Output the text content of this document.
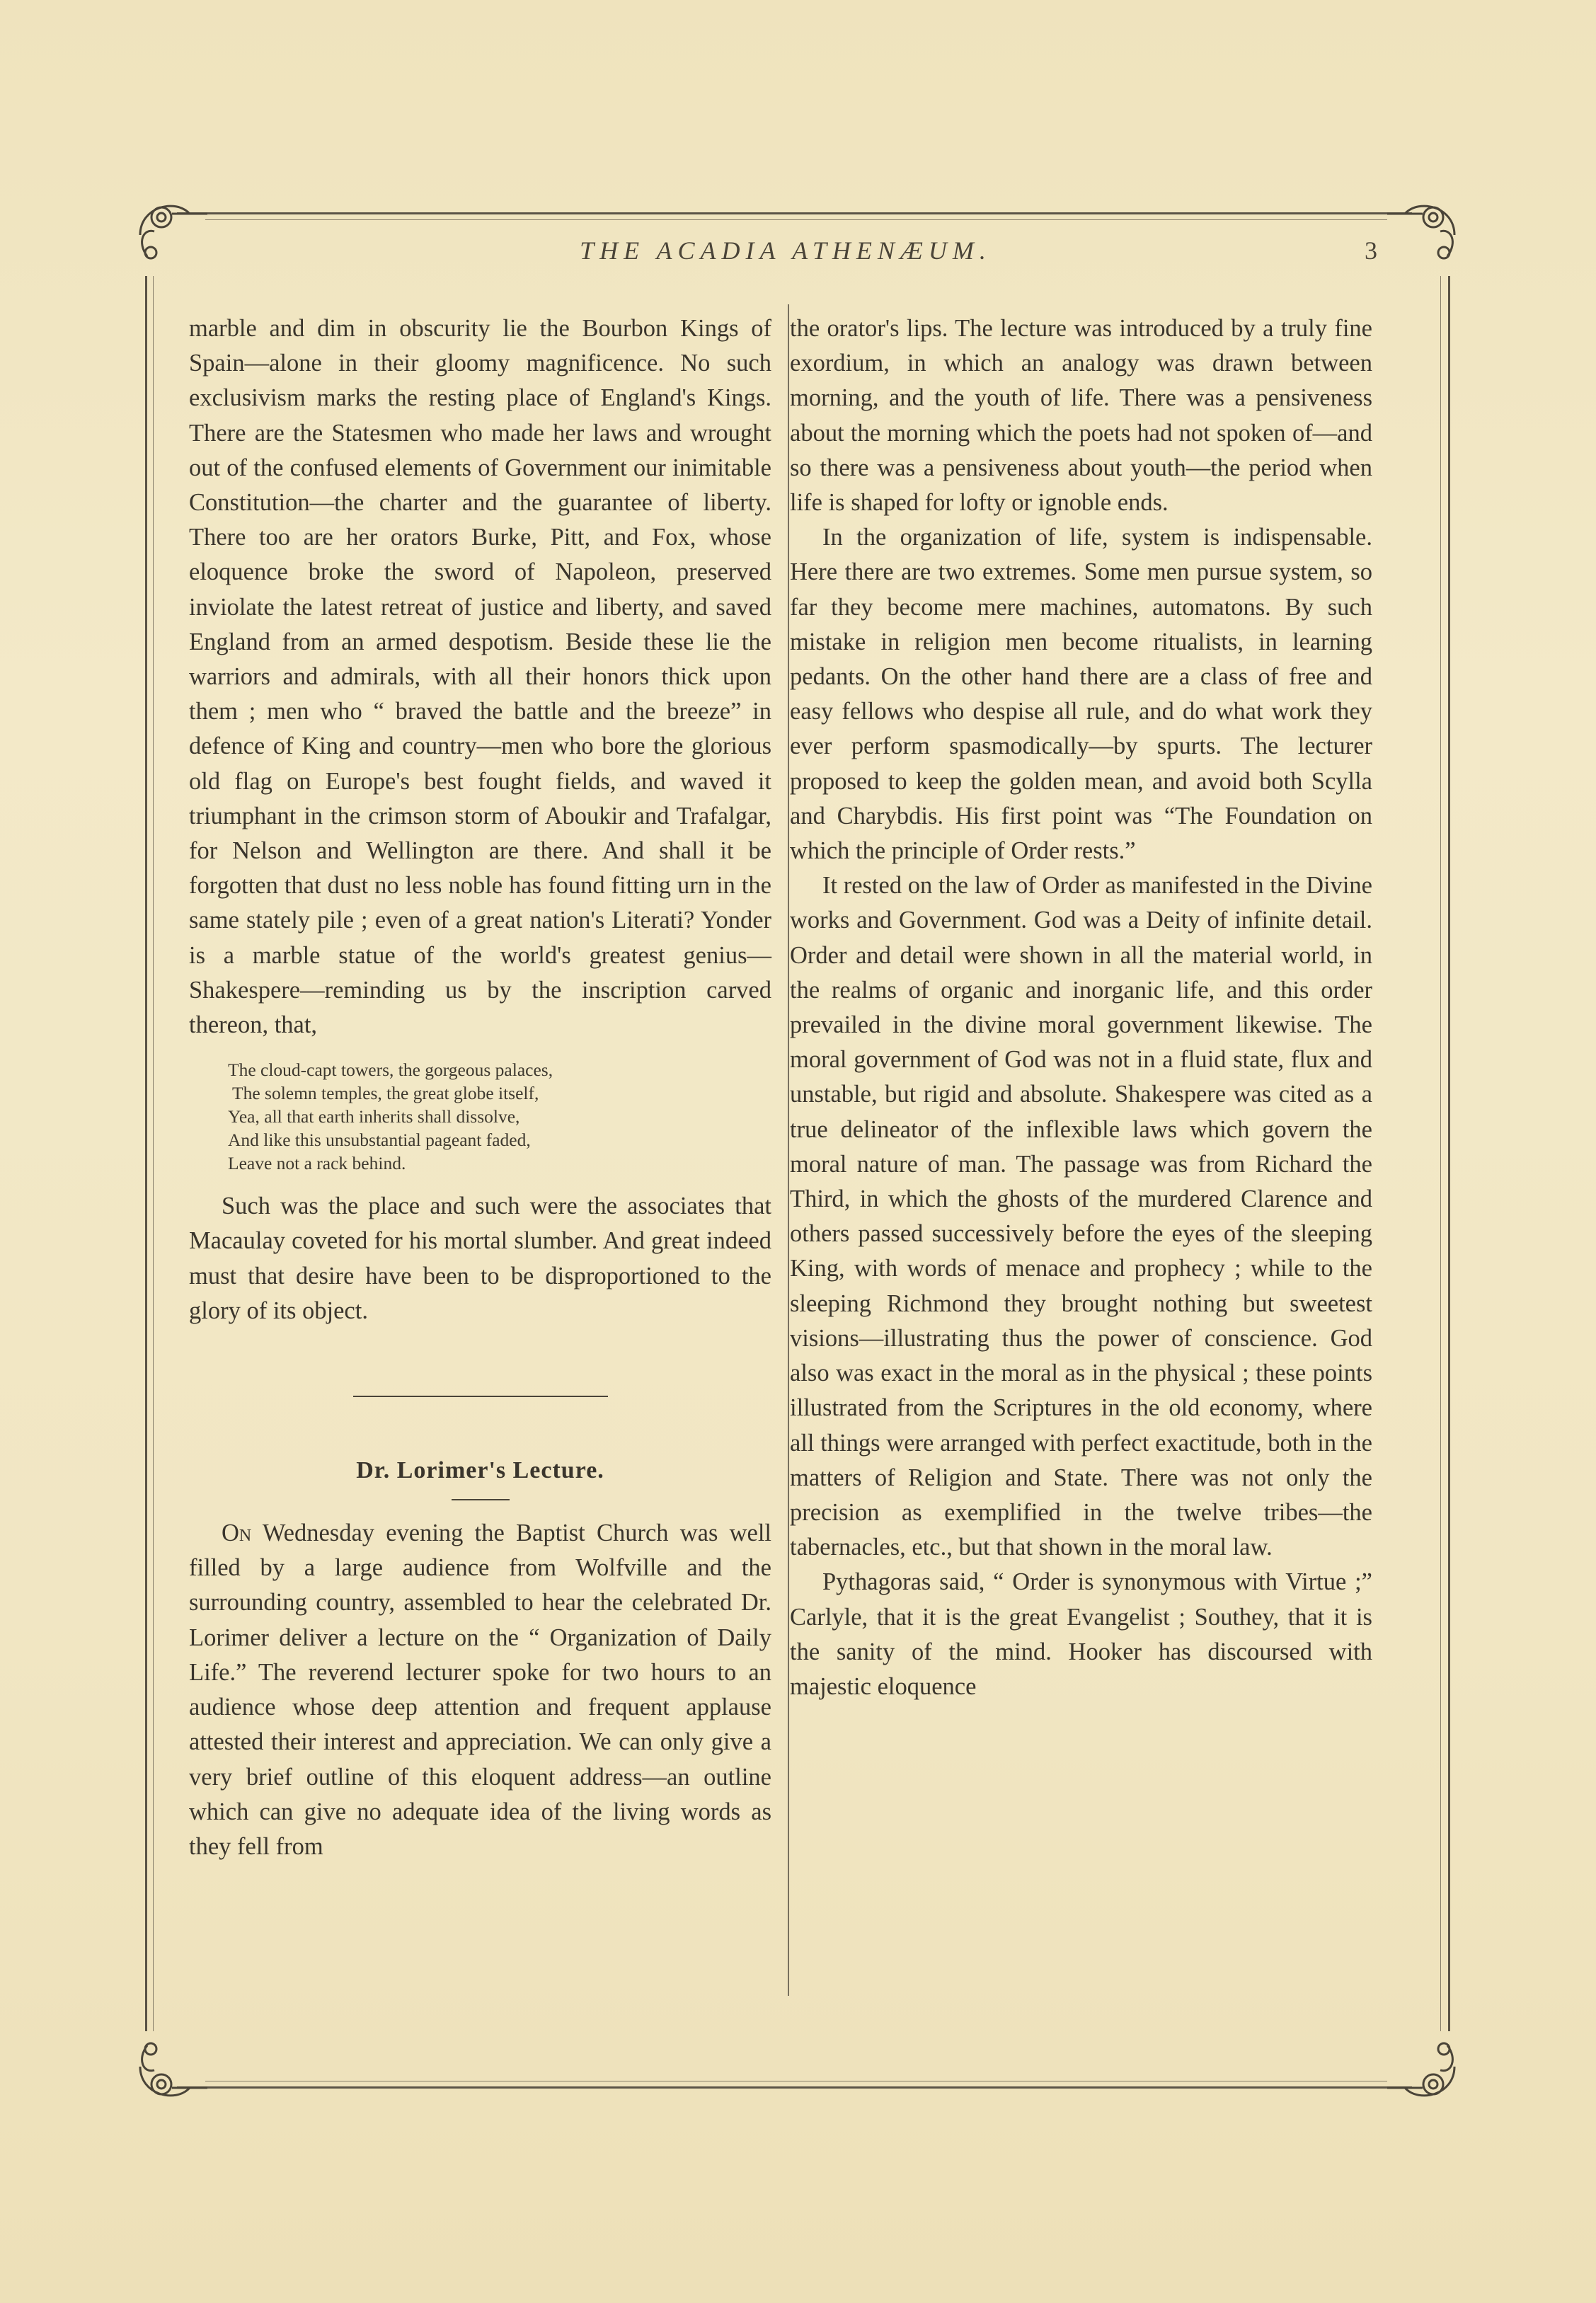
THE ACADIA ATHENÆUM.	3

marble and dim in obscurity lie the Bourbon Kings of Spain—alone in their gloomy magnificence. No such exclusivism marks the resting place of England's Kings. There are the Statesmen who made her laws and wrought out of the confused elements of Government our inimitable Constitution—the charter and the guarantee of liberty. There too are her orators Burke, Pitt, and Fox, whose eloquence broke the sword of Napoleon, preserved inviolate the latest retreat of justice and liberty, and saved England from an armed despotism. Beside these lie the warriors and admirals, with all their honors thick upon them ; men who “ braved the battle and the breeze” in defence of King and country—men who bore the glorious old flag on Europe's best fought fields, and waved it triumphant in the crimson storm of Aboukir and Trafalgar, for Nelson and Wellington are there. And shall it be forgotten that dust no less noble has found fitting urn in the same stately pile ; even of a great nation's Literati? Yonder is a marble statue of the world's greatest genius—Shakespere—reminding us by the inscription carved thereon, that,

The cloud-capt towers, the gorgeous palaces,
The solemn temples, the great globe itself,
Yea, all that earth inherits shall dissolve,
And like this unsubstantial pageant faded,
Leave not a rack behind.

Such was the place and such were the associates that Macaulay coveted for his mortal slumber. And great indeed must that desire have been to be disproportioned to the glory of its object.

Dr. Lorimer's Lecture.

On Wednesday evening the Baptist Church was well filled by a large audience from Wolfville and the surrounding country, assembled to hear the celebrated Dr. Lorimer deliver a lecture on the “ Organization of Daily Life.” The reverend lecturer spoke for two hours to an audience whose deep attention and frequent applause attested their interest and appreciation. We can only give a very brief outline of this eloquent address—an outline which can give no adequate idea of the living words as they fell from

the orator's lips. The lecture was introduced by a truly fine exordium, in which an analogy was drawn between morning, and the youth of life. There was a pensiveness about the morning which the poets had not spoken of—and so there was a pensiveness about youth—the period when life is shaped for lofty or ignoble ends.

In the organization of life, system is indispensable. Here there are two extremes. Some men pursue system, so far they become mere machines, automatons. By such mistake in religion men become ritualists, in learning pedants. On the other hand there are a class of free and easy fellows who despise all rule, and do what work they ever perform spasmodically—by spurts. The lecturer proposed to keep the golden mean, and avoid both Scylla and Charybdis. His first point was “The Foundation on which the principle of Order rests.”

It rested on the law of Order as manifested in the Divine works and Government. God was a Deity of infinite detail. Order and detail were shown in all the material world, in the realms of organic and inorganic life, and this order prevailed in the divine moral government likewise. The moral government of God was not in a fluid state, flux and unstable, but rigid and absolute. Shakespere was cited as a true delineator of the inflexible laws which govern the moral nature of man. The passage was from Richard the Third, in which the ghosts of the murdered Clarence and others passed successively before the eyes of the sleeping King, with words of menace and prophecy ; while to the sleeping Richmond they brought nothing but sweetest visions—illustrating thus the power of conscience. God also was exact in the moral as in the physical ; these points illustrated from the Scriptures in the old economy, where all things were arranged with perfect exactitude, both in the matters of Religion and State. There was not only the precision as exemplified in the twelve tribes—the tabernacles, etc., but that shown in the moral law.

Pythagoras said, “ Order is synonymous with Virtue ;” Carlyle, that it is the great Evangelist ; Southey, that it is the sanity of the mind. Hooker has discoursed with majestic eloquence
